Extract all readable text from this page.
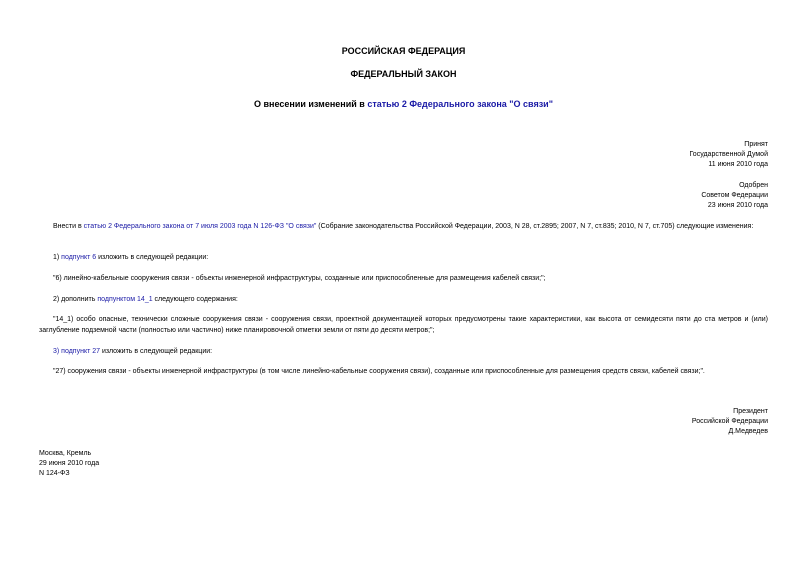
РОССИЙСКАЯ ФЕДЕРАЦИЯ
ФЕДЕРАЛЬНЫЙ ЗАКОН
О внесении изменений в статью 2 Федерального закона "О связи"
Принят
Государственной Думой
11 июня 2010 года
Одобрен
Советом Федерации
23 июня 2010 года
Внести в статью 2 Федерального закона от 7 июля 2003 года N 126-ФЗ "О связи" (Собрание законодательства Российской Федерации, 2003, N 28, ст.2895; 2007, N 7, ст.835; 2010, N 7, ст.705) следующие изменения:
1) подпункт 6 изложить в следующей редакции:
"6) линейно-кабельные сооружения связи - объекты инженерной инфраструктуры, созданные или приспособленные для размещения кабелей связи;";
2) дополнить подпунктом 14_1 следующего содержания:
"14_1) особо опасные, технически сложные сооружения связи - сооружения связи, проектной документацией которых предусмотрены такие характеристики, как высота от семидесяти пяти до ста метров и (или) заглубление подземной части (полностью или частично) ниже планировочной отметки земли от пяти до десяти метров;";
3) подпункт 27 изложить в следующей редакции:
"27) сооружения связи - объекты инженерной инфраструктуры (в том числе линейно-кабельные сооружения связи), созданные или приспособленные для размещения средств связи, кабелей связи;".
Президент
Российской Федерации
Д.Медведев
Москва, Кремль
29 июня 2010 года
N 124-ФЗ
